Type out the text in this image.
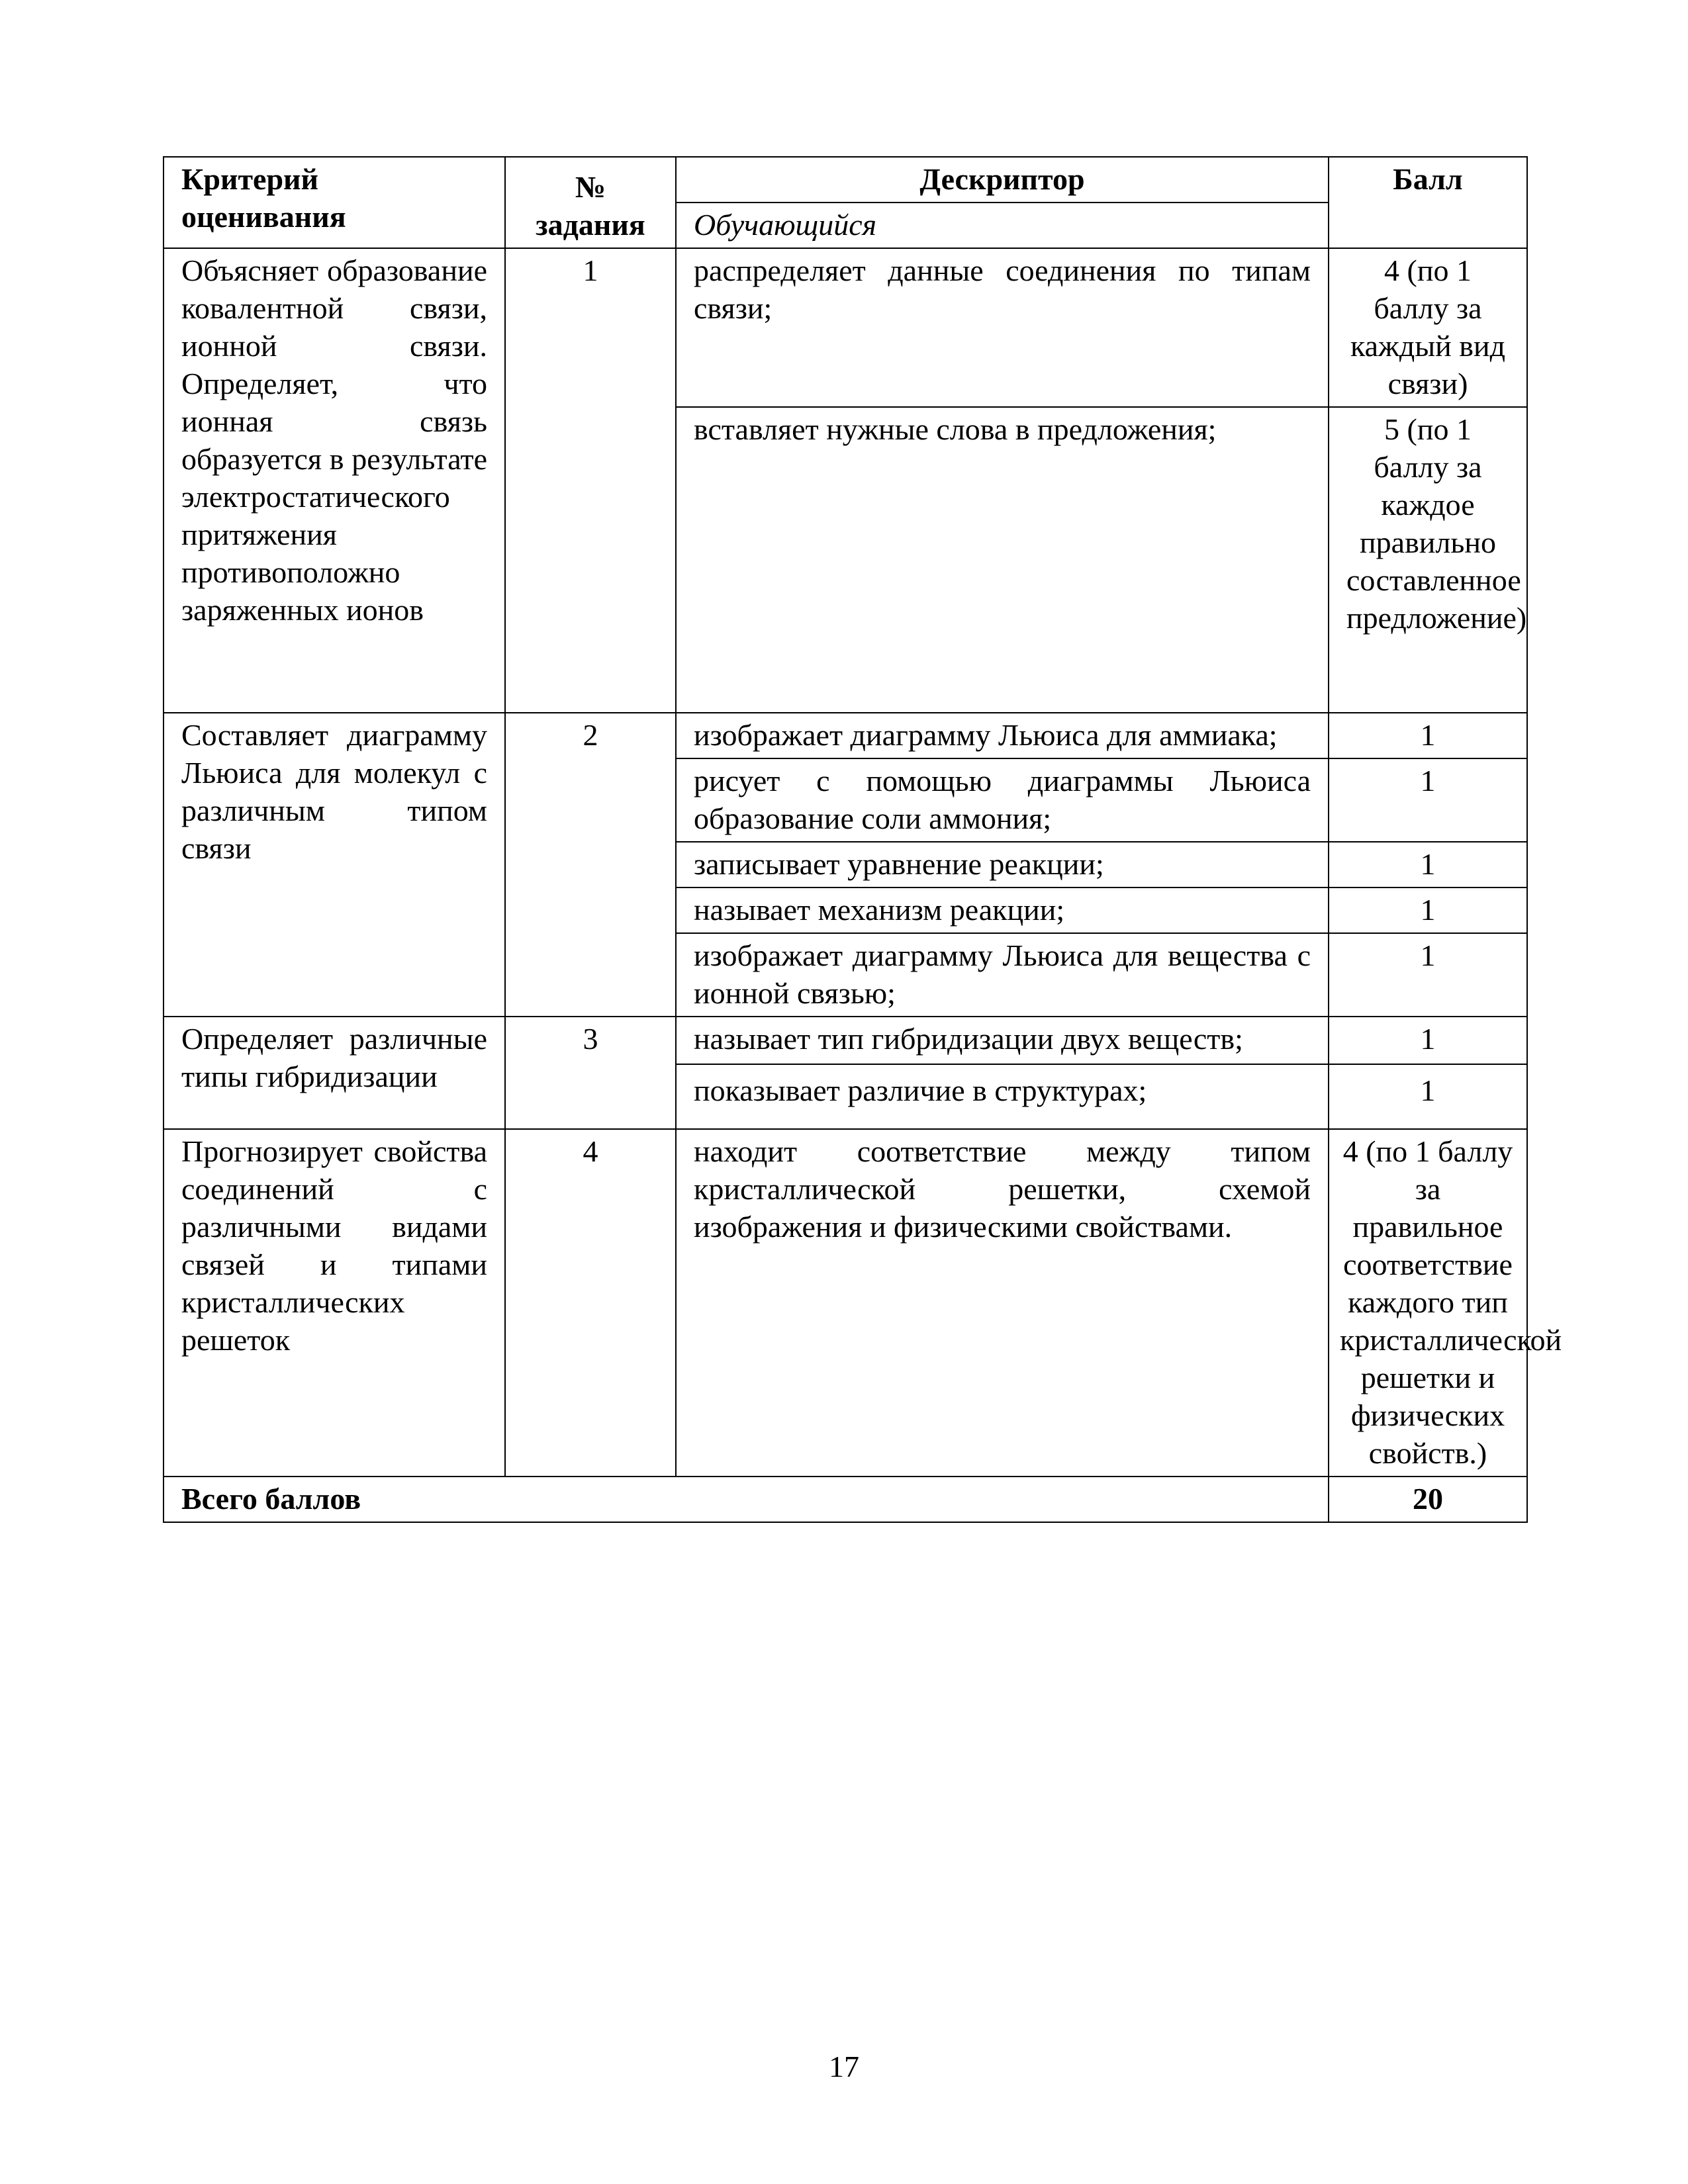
Критерий оценивания	№ задания	Дескриптор	Балл
		Обучающийся	
Объясняет образование ковалентной связи, ионной связи. Определяет, что ионная связь образуется в результате электростатического притяжения противоположно заряженных ионов	1	распределяет данные соединения по типам связи;	4 (по 1 баллу за каждый вид связи)
		вставляет нужные слова в предложения;	5 (по 1 баллу за каждое правильно составленное предложение)
Составляет диаграмму Льюиса для молекул с различным типом связи	2	изображает диаграмму Льюиса для аммиака;	1
		рисует с помощью диаграммы Льюиса образование соли аммония;	1
		записывает уравнение реакции;	1
		называет механизм реакции;	1
		изображает диаграмму Льюиса для вещества с ионной связью;	1
Определяет различные типы гибридизации	3	называет тип гибридизации двух веществ;	1
		показывает различие в структурах;	1
Прогнозирует свойства соединений с различными видами связей и типами кристаллических решеток	4	находит соответствие между типом кристаллической решетки, схемой изображения и физическими свойствами.	4 (по 1 баллу за правильное соответствие каждого тип кристаллической решетки и физических свойств.)
Всего баллов			20
17
